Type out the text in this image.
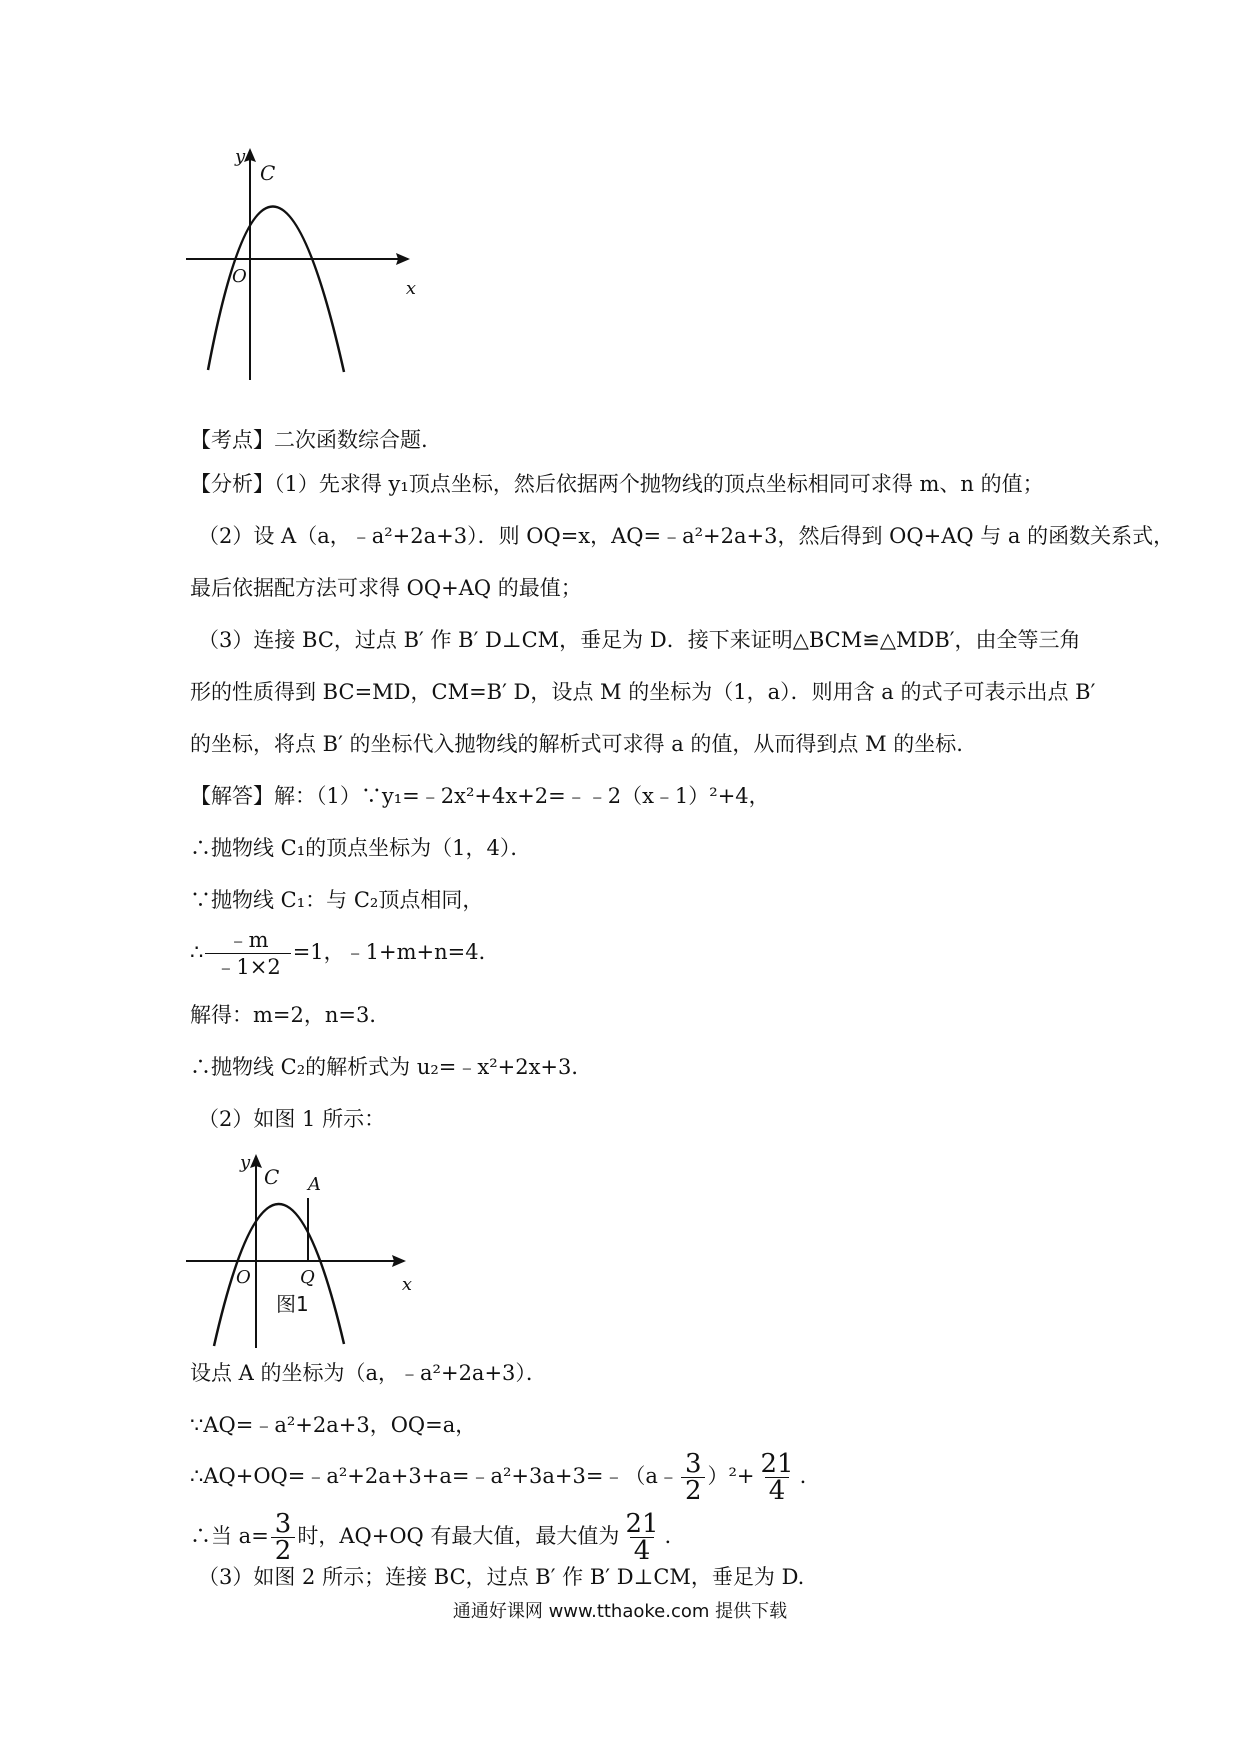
y
C
O
x
【考点】二次函数综合题.
【分析】（1）先求得 y₁顶点坐标，然后依据两个抛物线的顶点坐标相同可求得 m、n 的值；
（2）设 A（a，﹣a²+2a+3）．则 OQ=x，AQ=﹣a²+2a+3，然后得到 OQ+AQ 与 a 的函数关系式，
最后依据配方法可求得 OQ+AQ 的最值；
（3）连接 BC，过点 B′ 作 B′ D⊥CM，垂足为 D．接下来证明△BCM≌△MDB′，由全等三角
形的性质得到 BC=MD，CM=B′ D，设点 M 的坐标为（1，a）．则用含 a 的式子可表示出点 B′
的坐标，将点 B′ 的坐标代入抛物线的解析式可求得 a 的值，从而得到点 M 的坐标.
【解答】解：（1）∵y₁=﹣2x²+4x+2=﹣﹣2（x﹣1）²+4，
∴抛物线 C₁的顶点坐标为（1，4）．
∵抛物线 C₁：与 C₂顶点相同，
∴ $\frac{﹣m}{﹣1\times 2} =1$，﹣1+m+n=4．
解得：m=2，n=3．
∴抛物线 C₂的解析式为 u₂=﹣x²+2x+3．
（2）如图 1 所示：
y
C A
O	Q	x
图1
设点 A 的坐标为（a，﹣a²+2a+3）．
∵AQ=﹣a²+2a+3，OQ=a，
∴AQ+OQ=﹣a²+2a+3+a=﹣a²+3a+3=﹣（a﹣ $\frac{3}{2} )^2+ \frac{21}{4}$ .
∴当 $a= \frac{3}{2}$ 时，AQ+OQ 有最大值，最大值为 $\frac{21}{4}$ .
（3）如图 2 所示；连接 BC，过点 B′ 作 B′ D⊥CM，垂足为 D.
通通好课网 www.tthaoke.com 提供下载
